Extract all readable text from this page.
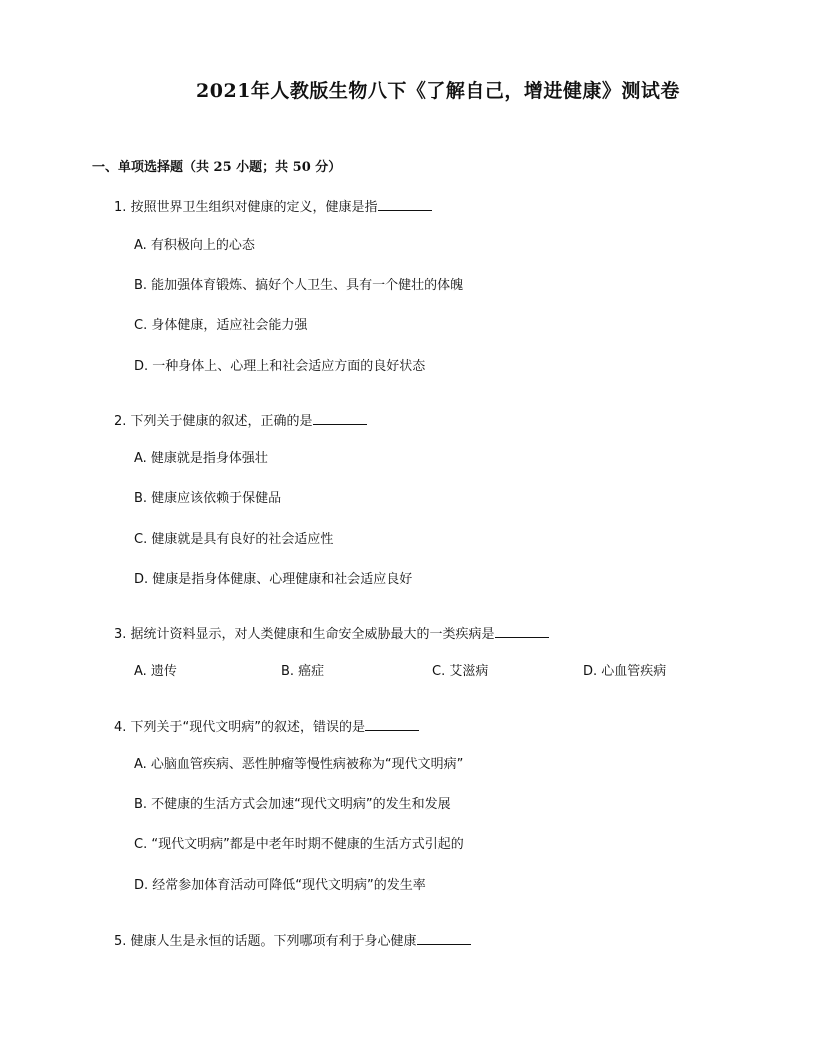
2021年人教版生物八下《了解自己，增进健康》测试卷
一、单项选择题（共 25 小题；共 50 分）
1. 按照世界卫生组织对健康的定义，健康是指
A. 有积极向上的心态
B. 能加强体育锻炼、搞好个人卫生、具有一个健壮的体魄
C. 身体健康，适应社会能力强
D. 一种身体上、心理上和社会适应方面的良好状态
2. 下列关于健康的叙述，正确的是
A. 健康就是指身体强壮
B. 健康应该依赖于保健品
C. 健康就是具有良好的社会适应性
D. 健康是指身体健康、心理健康和社会适应良好
3. 据统计资料显示，对人类健康和生命安全威胁最大的一类疾病是
A. 遗传	B. 癌症	C. 艾滋病	D. 心血管疾病
4. 下列关于“现代文明病”的叙述，错误的是
A. 心脑血管疾病、恶性肿瘤等慢性病被称为“现代文明病”
B. 不健康的生活方式会加速“现代文明病”的发生和发展
C. “现代文明病”都是中老年时期不健康的生活方式引起的
D. 经常参加体育活动可降低“现代文明病”的发生率
5. 健康人生是永恒的话题。下列哪项有利于身心健康
